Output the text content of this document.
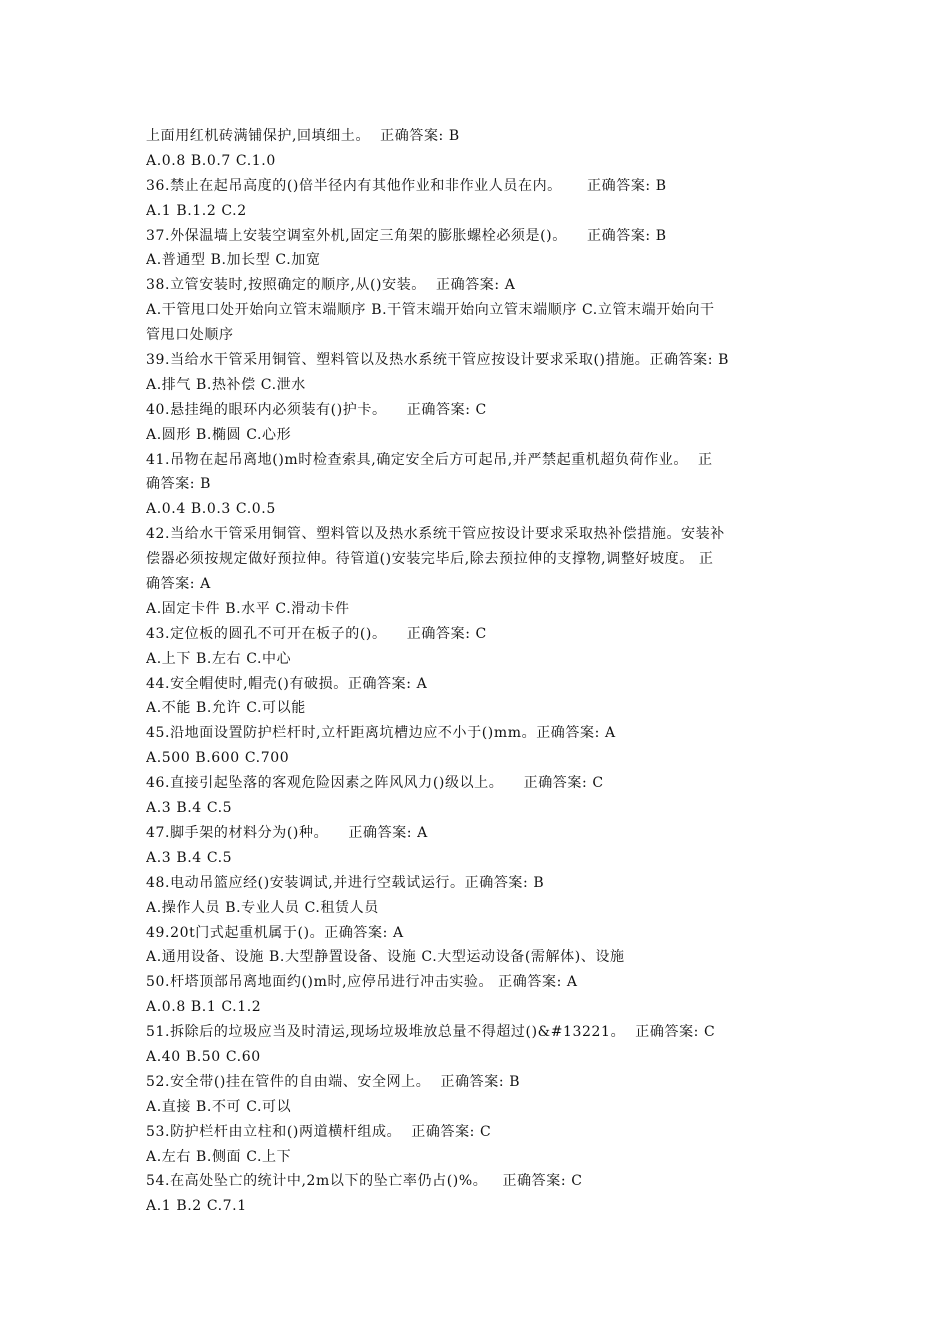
上面用红机砖满铺保护,回填细土。  正确答案: B
A.0.8 B.0.7 C.1.0
36.禁止在起吊高度的()倍半径内有其他作业和非作业人员在内。     正确答案: B
A.1 B.1.2 C.2
37.外保温墙上安装空调室外机,固定三角架的膨胀螺栓必须是()。    正确答案: B
A.普通型 B.加长型 C.加宽
38.立管安装时,按照确定的顺序,从()安装。  正确答案: A
A.干管甩口处开始向立管末端顺序 B.干管末端开始向立管末端顺序 C.立管末端开始向干
管甩口处顺序
39.当给水干管采用铜管、塑料管以及热水系统干管应按设计要求采取()措施。正确答案: B
A.排气 B.热补偿 C.泄水
40.悬挂绳的眼环内必须装有()护卡。    正确答案: C
A.圆形 B.椭圆 C.心形
41.吊物在起吊离地()m时检查索具,确定安全后方可起吊,并严禁起重机超负荷作业。  正
确答案: B
A.0.4 B.0.3 C.0.5
42.当给水干管采用铜管、塑料管以及热水系统干管应按设计要求采取热补偿措施。安装补
偿器必须按规定做好预拉伸。待管道()安装完毕后,除去预拉伸的支撑物,调整好坡度。 正
确答案: A
A.固定卡件 B.水平 C.滑动卡件
43.定位板的圆孔不可开在板子的()。    正确答案: C
A.上下 B.左右 C.中心
44.安全帽使时,帽壳()有破损。正确答案: A
A.不能 B.允许 C.可以能
45.沿地面设置防护栏杆时,立杆距离坑槽边应不小于()mm。正确答案: A
A.500 B.600 C.700
46.直接引起坠落的客观危险因素之阵风风力()级以上。    正确答案: C
A.3 B.4 C.5
47.脚手架的材料分为()种。    正确答案: A
A.3 B.4 C.5
48.电动吊篮应经()安装调试,并进行空载试运行。正确答案: B
A.操作人员 B.专业人员 C.租赁人员
49.20t门式起重机属于()。正确答案: A
A.通用设备、设施 B.大型静置设备、设施 C.大型运动设备(需解体)、设施
50.杆塔顶部吊离地面约()m时,应停吊进行冲击实验。 正确答案: A
A.0.8 B.1 C.1.2
51.拆除后的垃圾应当及时清运,现场垃圾堆放总量不得超过()&#13221。  正确答案: C
A.40 B.50 C.60
52.安全带()挂在管件的自由端、安全网上。  正确答案: B
A.直接 B.不可 C.可以
53.防护栏杆由立柱和()两道横杆组成。  正确答案: C
A.左右 B.侧面 C.上下
54.在高处坠亡的统计中,2m以下的坠亡率仍占()%。   正确答案: C
A.1 B.2 C.7.1
